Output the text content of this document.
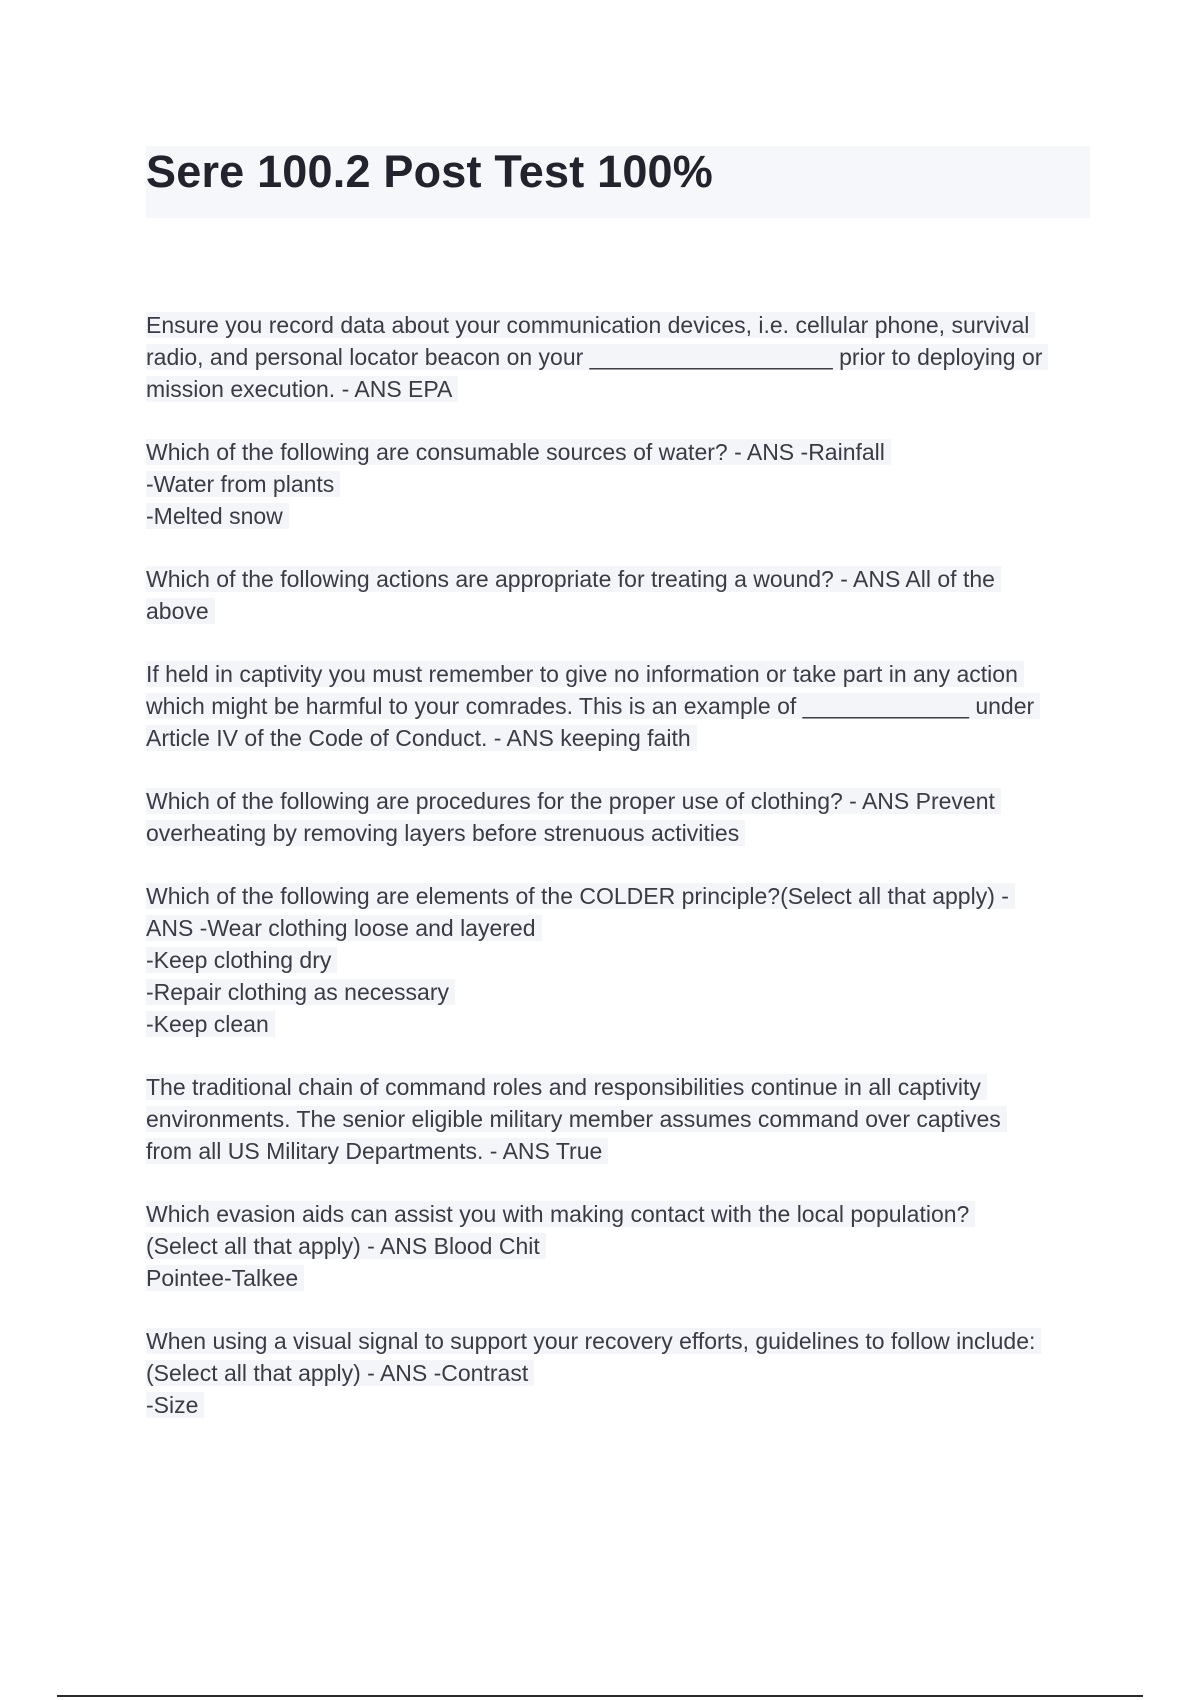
Sere 100.2 Post Test 100%
Ensure you record data about your communication devices, i.e. cellular phone, survival
radio, and personal locator beacon on your ___________________ prior to deploying or
mission execution. - ANS EPA
Which of the following are consumable sources of water? - ANS -Rainfall
-Water from plants
-Melted snow
Which of the following actions are appropriate for treating a wound? - ANS All of the
above
If held in captivity you must remember to give no information or take part in any action
which might be harmful to your comrades. This is an example of _____________ under
Article IV of the Code of Conduct. - ANS keeping faith
Which of the following are procedures for the proper use of clothing? - ANS Prevent
overheating by removing layers before strenuous activities
Which of the following are elements of the COLDER principle?(Select all that apply) -
ANS -Wear clothing loose and layered
-Keep clothing dry
-Repair clothing as necessary
-Keep clean
The traditional chain of command roles and responsibilities continue in all captivity
environments. The senior eligible military member assumes command over captives
from all US Military Departments. - ANS True
Which evasion aids can assist you with making contact with the local population?
(Select all that apply) - ANS Blood Chit
Pointee-Talkee
When using a visual signal to support your recovery efforts, guidelines to follow include:
(Select all that apply) - ANS -Contrast
-Size
